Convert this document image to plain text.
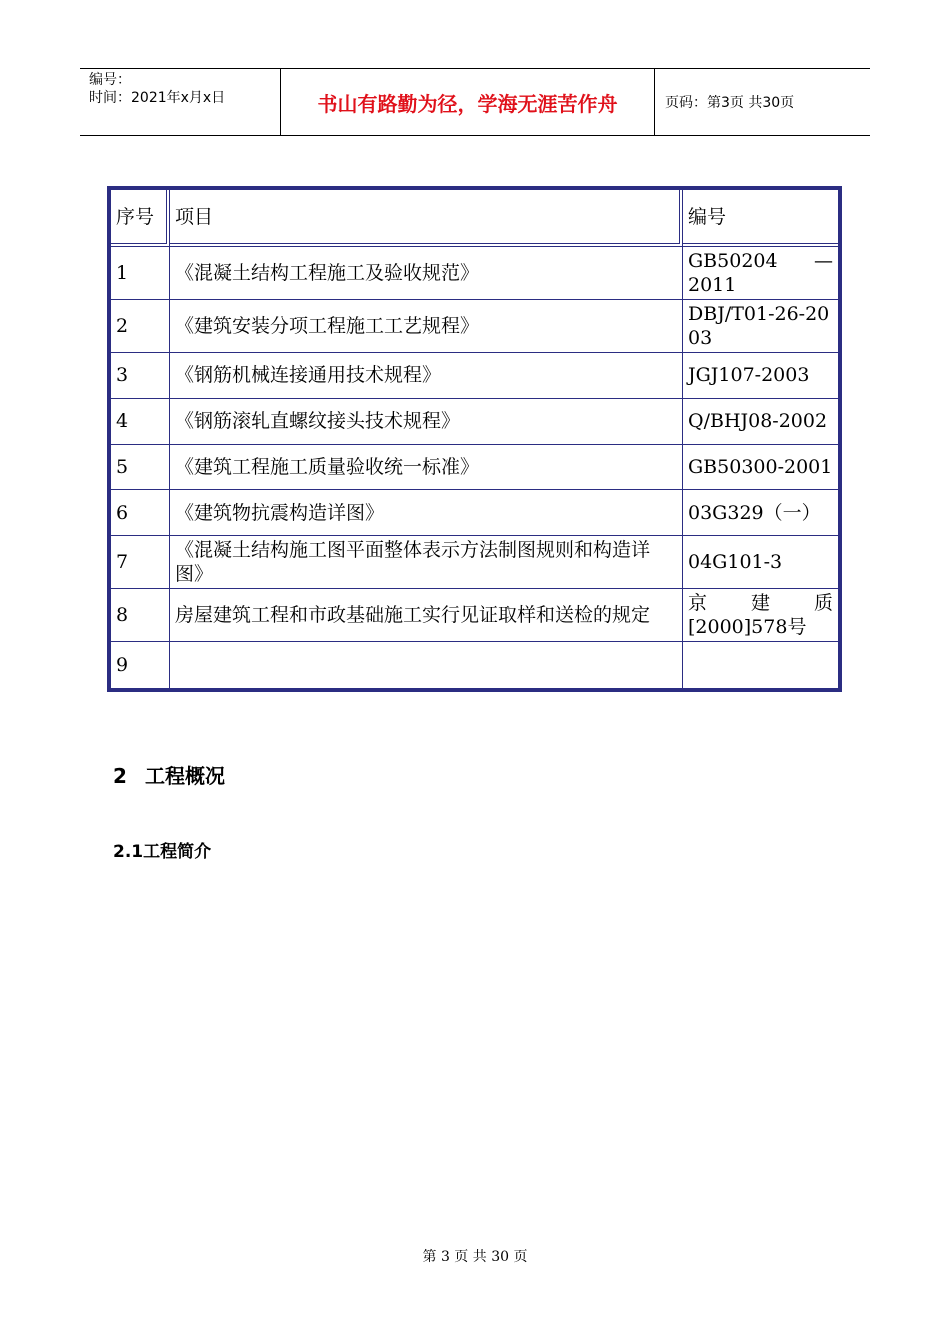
编号：
时间：2021年x月x日	书山有路勤为径，学海无涯苦作舟	页码：第3页 共30页
序号	项目	编号
1	《混凝土结构工程施工及验收规范》	GB50204 —
2011

2	《建筑安装分项工程施工工艺规程》	DBJ/T01-26-2003
3	《钢筋机械连接通用技术规程》	JGJ107-2003
4	《钢筋滚轧直螺纹接头技术规程》	Q/BHJ08-2002
5	《建筑工程施工质量验收统一标准》	GB50300-2001
6	《建筑物抗震构造详图》	03G329（一）
7	《混凝土结构施工图平面整体表示方法制图规则和构造详图》	04G101-3
8	房屋建筑工程和市政基础施工实行见证取样和送检的规定	京 建 质
[2000]578号

9		
2 工程概况
2.1工程简介
第 3 页 共 30 页
